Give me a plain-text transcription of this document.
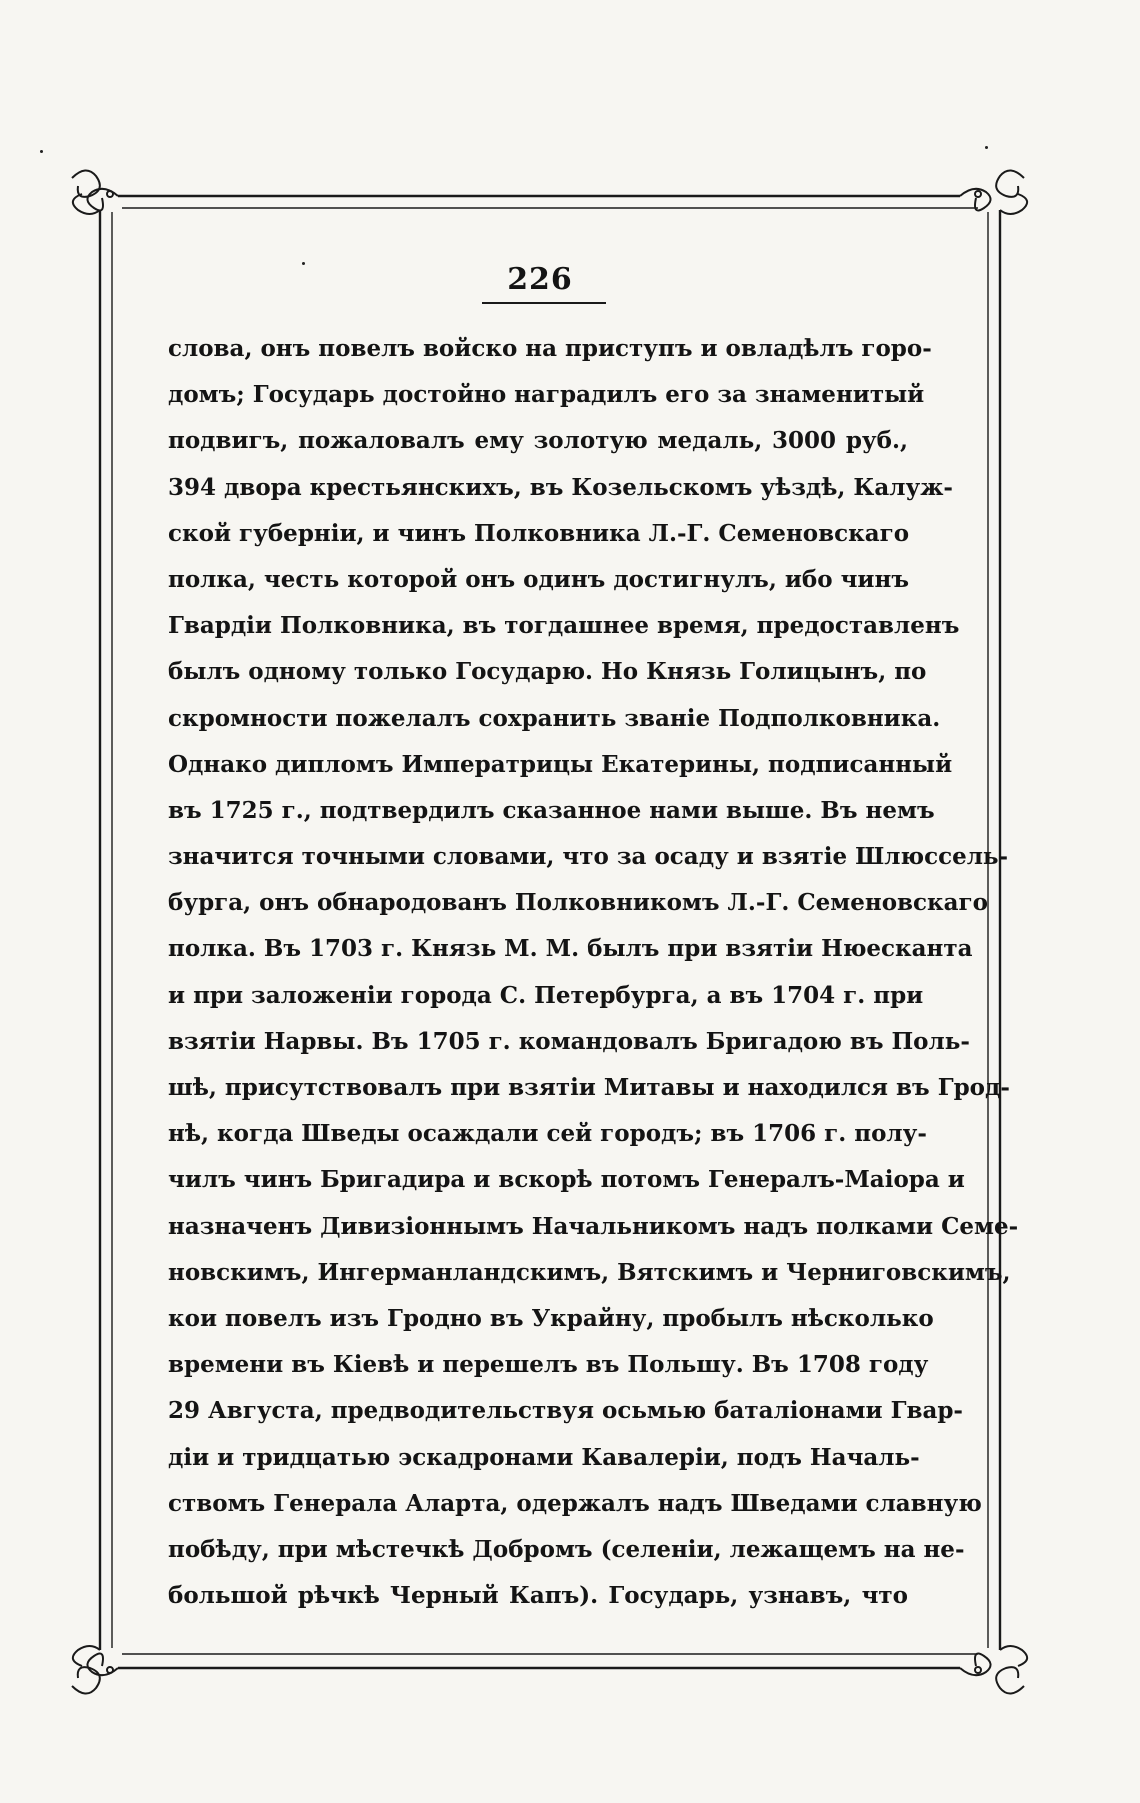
226
слова, онъ повелъ войско на приступъ и овладѣлъ горо-
домъ; Государь достойно наградилъ его за знаменитый
подвигъ, пожаловалъ ему золотую медаль, 3000 руб.,
394 двора крестьянскихъ, въ Козельскомъ уѣздѣ, Калуж-
ской губерніи, и чинъ Полковника Л.-Г. Семеновскаго
полка, честь которой онъ одинъ достигнулъ, ибо чинъ
Гвардіи Полковника, въ тогдашнее время, предоставленъ
былъ одному только Государю. Но Князь Голицынъ, по
скромности пожелалъ сохранить званіе Подполковника.
Однако дипломъ Императрицы Екатерины, подписанный
въ 1725 г., подтвердилъ сказанное нами выше. Въ немъ
значится точными словами, что за осаду и взятіе Шлюссель-
бурга, онъ обнародованъ Полковникомъ Л.-Г. Семеновскаго
полка. Въ 1703 г. Князь М. М. былъ при взятіи Нюесканта
и при заложеніи города С. Петербурга, а въ 1704 г. при
взятіи Нарвы. Въ 1705 г. командовалъ Бригадою въ Поль-
шѣ, присутствовалъ при взятіи Митавы и находился въ Грод-
нѣ, когда Шведы осаждали сей городъ; въ 1706 г. полу-
чилъ чинъ Бригадира и вскорѣ потомъ Генералъ-Маіора и
назначенъ Дивизіоннымъ Начальникомъ надъ полками Семе-
новскимъ, Ингерманландскимъ, Вятскимъ и Черниговскимъ,
кои повелъ изъ Гродно въ Украйну, пробылъ нѣсколько
времени въ Кіевѣ и перешелъ въ Польшу. Въ 1708 году
29 Августа, предводительствуя осьмью баталіонами Гвар-
діи и тридцатью эскадронами Кавалеріи, подъ Началь-
ствомъ Генерала Аларта, одержалъ надъ Шведами славную
побѣду, при мѣстечкѣ Добромъ (селеніи, лежащемъ на не-
большой рѣчкѣ Черный Капъ). Государь, узнавъ, что
